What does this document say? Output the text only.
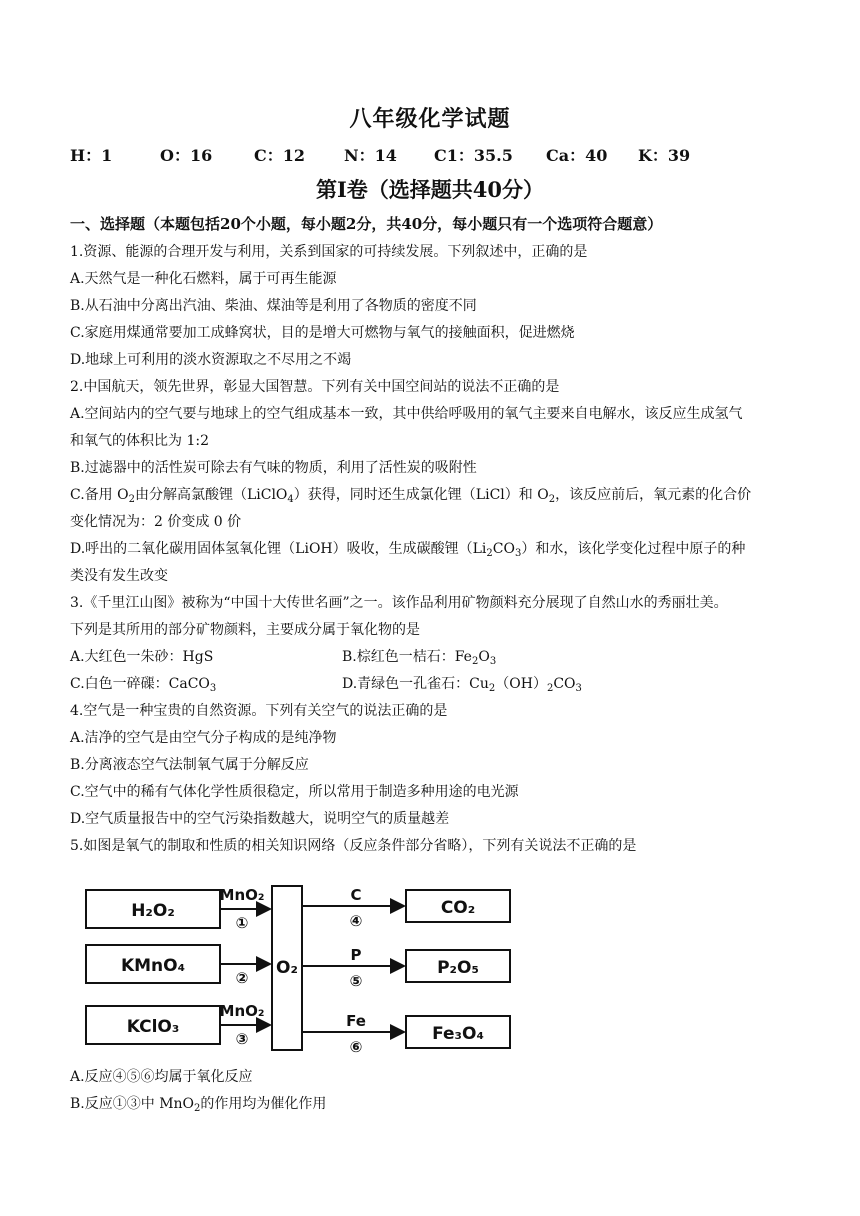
八年级化学试题
H：1	O：16	C：12 N：14 C1：35.5 Ca：40 K：39
第Ⅰ卷（选择题共40分）
一、选择题（本题包括20个小题，每小题2分，共40分，每小题只有一个选项符合题意）
1.资源、能源的合理开发与利用，关系到国家的可持续发展。下列叙述中，正确的是
A.天然气是一种化石燃料，属于可再生能源
B.从石油中分离出汽油、柴油、煤油等是利用了各物质的密度不同
C.家庭用煤通常要加工成蜂窝状，目的是增大可燃物与氧气的接触面积，促进燃烧
D.地球上可利用的淡水资源取之不尽用之不竭
2.中国航天，领先世界，彰显大国智慧。下列有关中国空间站的说法不正确的是
A.空间站内的空气要与地球上的空气组成基本一致，其中供给呼吸用的氧气主要来自电解水，该反应生成氢气
和氧气的体积比为 1:2
B.过滤器中的活性炭可除去有气味的物质，利用了活性炭的吸附性
C.备用 $O_2$由分解高氯酸锂（LiClO$_4$）获得，同时还生成氯化锂（LiCl）和 $O_2$，该反应前后，氧元素的化合价
变化情况为：2 价变成 0 价
D.呼出的二氧化碳用固体氢氧化锂（LiOH）吸收，生成碳酸锂$(Li_2CO_3)$和水，该化学变化过程中原子的种
类没有发生改变
3.《千里江山图》被称为“中国十大传世名画”之一。该作品利用矿物颜料充分展现了自然山水的秀丽壮美。
下列是其所用的部分矿物颜料，主要成分属于氧化物的是
A.大红色一朱砂：HgS	B.棕红色一桔石：$Fe_2O_3$
C.白色一碎磲：CaCO$_3$	D.青绿色一孔雀石：$Cu_2(OH)_2CO_3$
4.空气是一种宝贵的自然资源。下列有关空气的说法正确的是
A.洁净的空气是由空气分子构成的是纯净物
B.分离液态空气法制氧气属于分解反应
C.空气中的稀有气体化学性质很稳定，所以常用于制造多种用途的电光源
D.空气质量报告中的空气污染指数越大，说明空气的质量越差
5.如图是氧气的制取和性质的相关知识网络（反应条件部分省略），下列有关说法不正确的是
H₂O₂
KMnO₄
KClO₃
O₂
CO₂
P₂O₅
Fe₃O₄
MnO₂
MnO₂
①
②
③
C
P
Fe
④
⑤
⑥
A.反应④⑤⑥均属于氧化反应
B.反应①③中 MnO$_2$的作用均为催化作用
